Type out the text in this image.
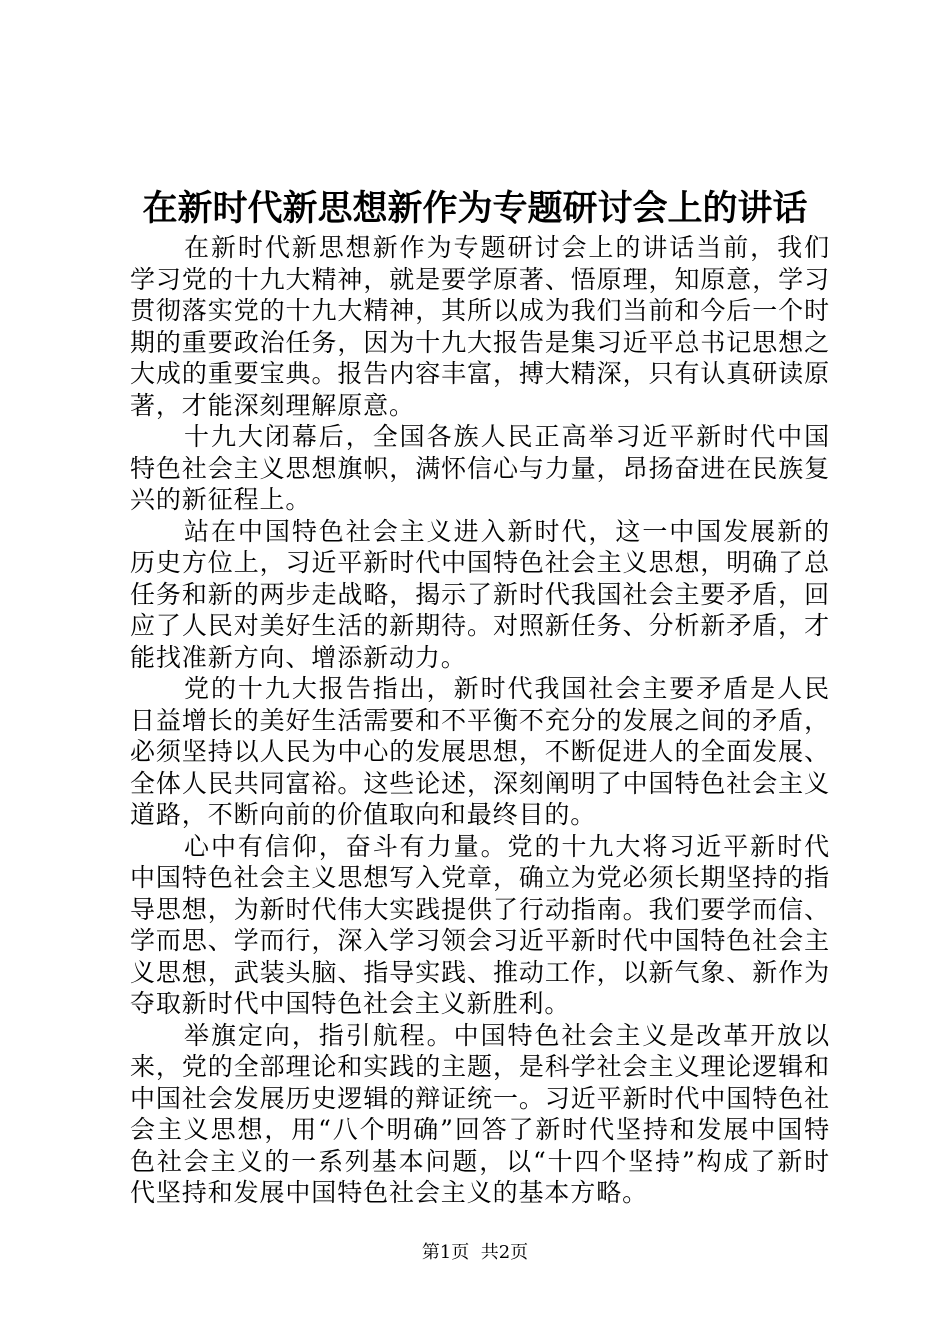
在新时代新思想新作为专题研讨会上的讲话

在新时代新思想新作为专题研讨会上的讲话当前，我们学习党的十九大精神，就是要学原著、悟原理，知原意，学习贯彻落实党的十九大精神，其所以成为我们当前和今后一个时期的重要政治任务，因为十九大报告是集习近平总书记思想之大成的重要宝典。报告内容丰富，搏大精深，只有认真研读原著，才能深刻理解原意。

十九大闭幕后，全国各族人民正高举习近平新时代中国特色社会主义思想旗帜，满怀信心与力量，昂扬奋进在民族复兴的新征程上。

站在中国特色社会主义进入新时代，这一中国发展新的历史方位上，习近平新时代中国特色社会主义思想，明确了总任务和新的两步走战略，揭示了新时代我国社会主要矛盾，回应了人民对美好生活的新期待。对照新任务、分析新矛盾，才能找准新方向、增添新动力。

党的十九大报告指出，新时代我国社会主要矛盾是人民日益增长的美好生活需要和不平衡不充分的发展之间的矛盾，必须坚持以人民为中心的发展思想，不断促进人的全面发展、全体人民共同富裕。这些论述，深刻阐明了中国特色社会主义道路，不断向前的价值取向和最终目的。

心中有信仰，奋斗有力量。党的十九大将习近平新时代中国特色社会主义思想写入党章，确立为党必须长期坚持的指导思想，为新时代伟大实践提供了行动指南。我们要学而信、学而思、学而行，深入学习领会习近平新时代中国特色社会主义思想，武装头脑、指导实践、推动工作，以新气象、新作为夺取新时代中国特色社会主义新胜利。

举旗定向，指引航程。中国特色社会主义是改革开放以来，党的全部理论和实践的主题，是科学社会主义理论逻辑和中国社会发展历史逻辑的辩证统一。习近平新时代中国特色社会主义思想，用“八个明确”回答了新时代坚持和发展中国特色社会主义的一系列基本问题，以“十四个坚持”构成了新时代坚持和发展中国特色社会主义的基本方略。

第1页 共2页
